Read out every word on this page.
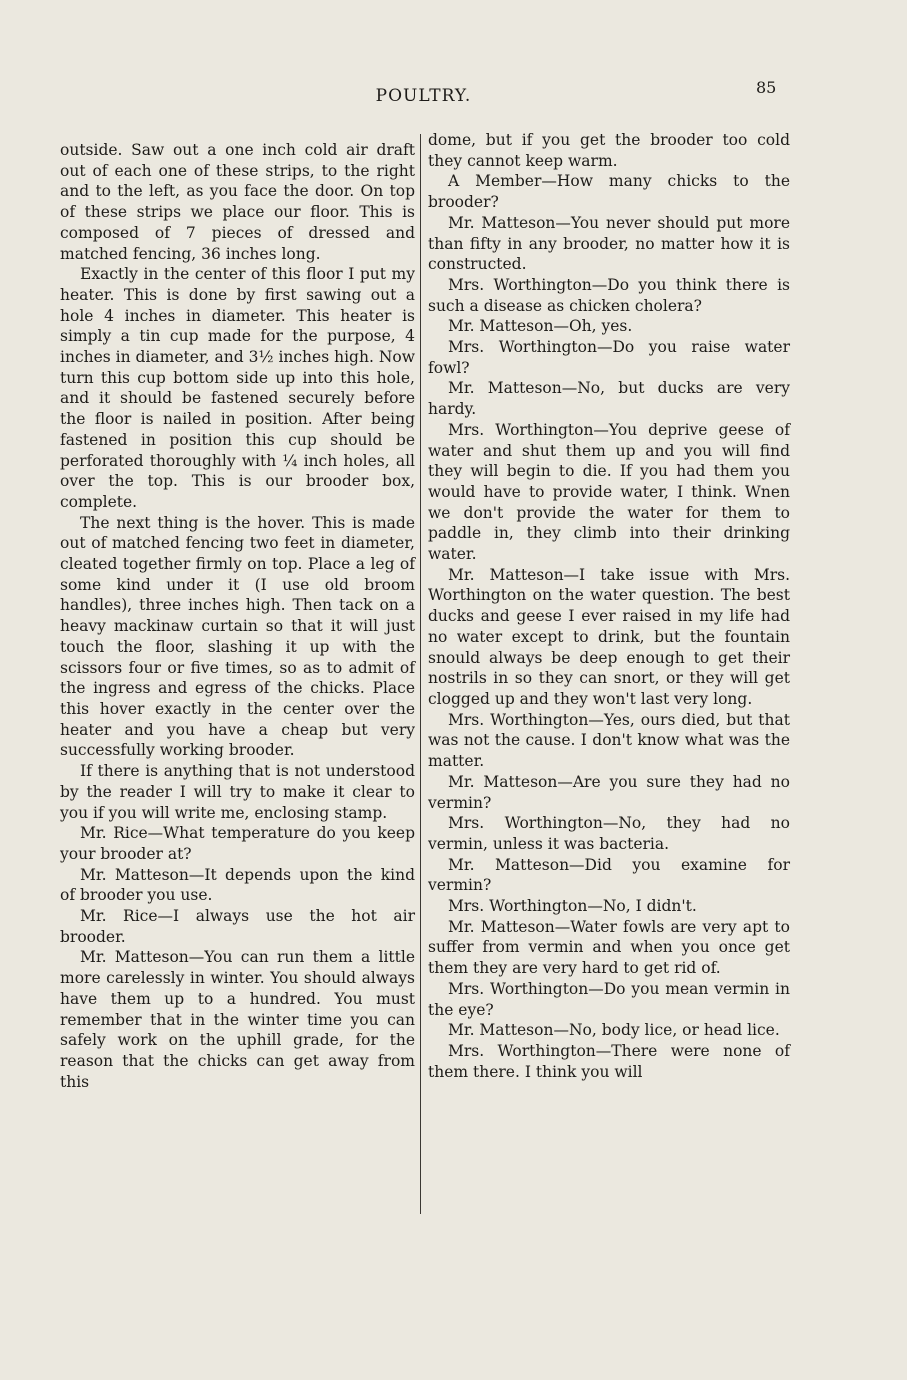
POULTRY.	85

outside. Saw out a one inch cold air draft out of each one of these strips, to the right and to the left, as you face the door. On top of these strips we place our floor. This is composed of 7 pieces of dressed and matched fencing, 36 inches long.

Exactly in the center of this floor I put my heater. This is done by first sawing out a hole 4 inches in diameter. This heater is simply a tin cup made for the purpose, 4 inches in diameter, and 3½ inches high. Now turn this cup bottom side up into this hole, and it should be fastened securely before the floor is nailed in position. After being fastened in position this cup should be perforated thoroughly with ¼ inch holes, all over the top. This is our brooder box, complete.

The next thing is the hover. This is made out of matched fencing two feet in diameter, cleated together firmly on top. Place a leg of some kind under it (I use old broom handles), three inches high. Then tack on a heavy mackinaw curtain so that it will just touch the floor, slashing it up with the scissors four or five times, so as to admit of the ingress and egress of the chicks. Place this hover exactly in the center over the heater and you have a cheap but very successfully working brooder.

If there is anything that is not understood by the reader I will try to make it clear to you if you will write me, enclosing stamp.

Mr. Rice—What temperature do you keep your brooder at?

Mr. Matteson—It depends upon the kind of brooder you use.

Mr. Rice—I always use the hot air brooder.

Mr. Matteson—You can run them a little more carelessly in winter. You should always have them up to a hundred. You must remember that in the winter time you can safely work on the uphill grade, for the reason that the chicks can get away from this

dome, but if you get the brooder too cold they cannot keep warm.

A Member—How many chicks to the brooder?

Mr. Matteson—You never should put more than fifty in any brooder, no matter how it is constructed.

Mrs. Worthington—Do you think there is such a disease as chicken cholera?

Mr. Matteson—Oh, yes.

Mrs. Worthington—Do you raise water fowl?

Mr. Matteson—No, but ducks are very hardy.

Mrs. Worthington—You deprive geese of water and shut them up and you will find they will begin to die. If you had them you would have to provide water, I think. Wnen we don't provide the water for them to paddle in, they climb into their drinking water.

Mr. Matteson—I take issue with Mrs. Worthington on the water question. The best ducks and geese I ever raised in my life had no water except to drink, but the fountain snould always be deep enough to get their nostrils in so they can snort, or they will get clogged up and they won't last very long.

Mrs. Worthington—Yes, ours died, but that was not the cause. I don't know what was the matter.

Mr. Matteson—Are you sure they had no vermin?

Mrs. Worthington—No, they had no vermin, unless it was bacteria.

Mr. Matteson—Did you examine for vermin?

Mrs. Worthington—No, I didn't.

Mr. Matteson—Water fowls are very apt to suffer from vermin and when you once get them they are very hard to get rid of.

Mrs. Worthington—Do you mean vermin in the eye?

Mr. Matteson—No, body lice, or head lice.

Mrs. Worthington—There were none of them there. I think you will
